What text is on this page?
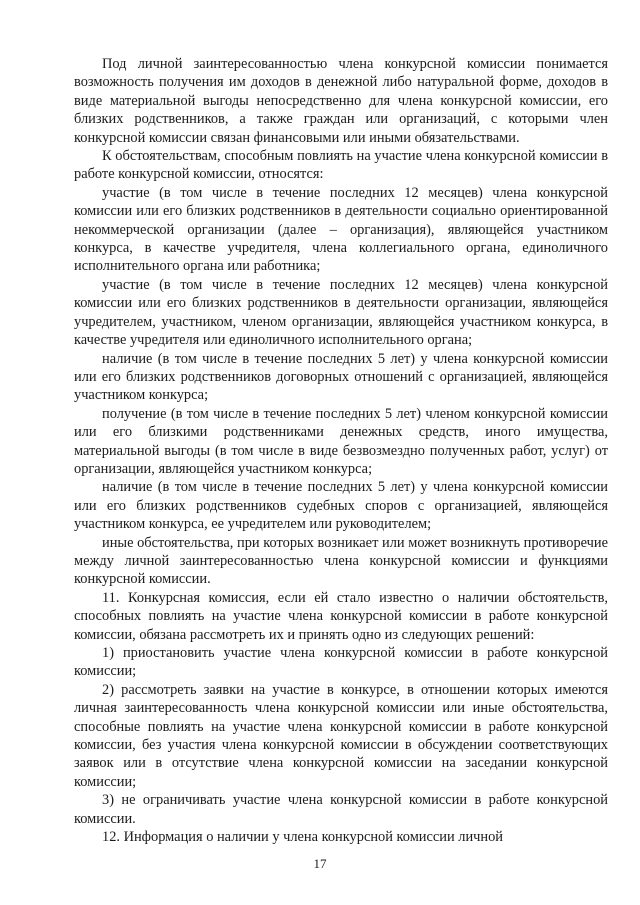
Под личной заинтересованностью члена конкурсной комиссии понимается возможность получения им доходов в денежной либо натуральной форме, доходов в виде материальной выгоды непосредственно для члена конкурсной комиссии, его близких родственников, а также граждан или организаций, с которыми член конкурсной комиссии связан финансовыми или иными обязательствами.

К обстоятельствам, способным повлиять на участие члена конкурсной комиссии в работе конкурсной комиссии, относятся:

участие (в том числе в течение последних 12 месяцев) члена конкурсной комиссии или его близких родственников в деятельности социально ориентированной некоммерческой организации (далее – организация), являющейся участником конкурса, в качестве учредителя, члена коллегиального органа, единоличного исполнительного органа или работника;

участие (в том числе в течение последних 12 месяцев) члена конкурсной комиссии или его близких родственников в деятельности организации, являющейся учредителем, участником, членом организации, являющейся участником конкурса, в качестве учредителя или единоличного исполнительного органа;

наличие (в том числе в течение последних 5 лет) у члена конкурсной комиссии или его близких родственников договорных отношений с организацией, являющейся участником конкурса;

получение (в том числе в течение последних 5 лет) членом конкурсной комиссии или его близкими родственниками денежных средств, иного имущества, материальной выгоды (в том числе в виде безвозмездно полученных работ, услуг) от организации, являющейся участником конкурса;

наличие (в том числе в течение последних 5 лет) у члена конкурсной комиссии или его близких родственников судебных споров с организацией, являющейся участником конкурса, ее учредителем или руководителем;

иные обстоятельства, при которых возникает или может возникнуть противоречие между личной заинтересованностью члена конкурсной комиссии и функциями конкурсной комиссии.

11. Конкурсная комиссия, если ей стало известно о наличии обстоятельств, способных повлиять на участие члена конкурсной комиссии в работе конкурсной комиссии, обязана рассмотреть их и принять одно из следующих решений:

1) приостановить участие члена конкурсной комиссии в работе конкурсной комиссии;

2) рассмотреть заявки на участие в конкурсе, в отношении которых имеются личная заинтересованность члена конкурсной комиссии или иные обстоятельства, способные повлиять на участие члена конкурсной комиссии в работе конкурсной комиссии, без участия члена конкурсной комиссии в обсуждении соответствующих заявок или в отсутствие члена конкурсной комиссии на заседании конкурсной комиссии;

3) не ограничивать участие члена конкурсной комиссии в работе конкурсной комиссии.

12. Информация о наличии у члена конкурсной комиссии личной

17
